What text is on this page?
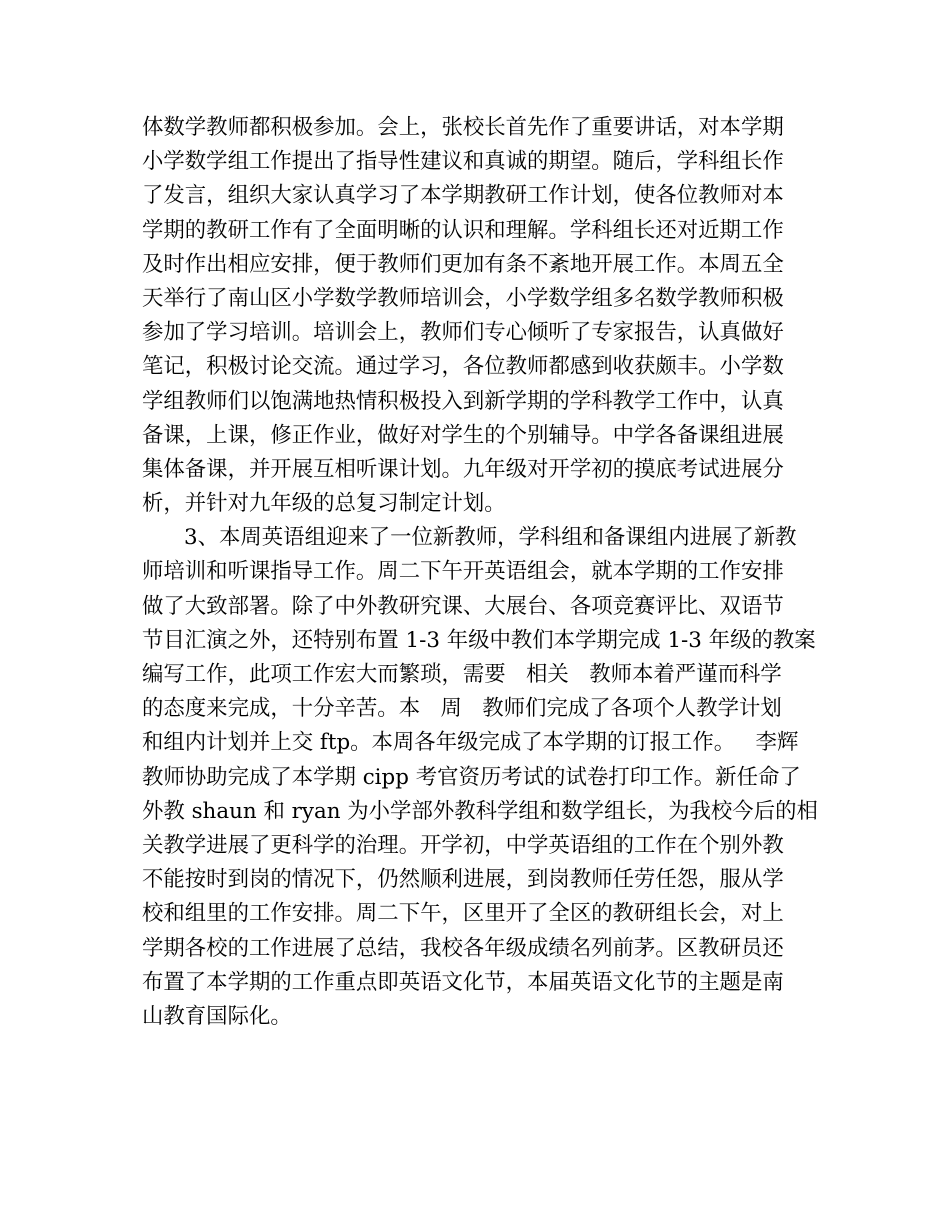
体数学教师都积极参加。会上，张校长首先作了重要讲话，对本学期
小学数学组工作提出了指导性建议和真诚的期望。随后，学科组长作
了发言，组织大家认真学习了本学期教研工作计划，使各位教师对本
学期的教研工作有了全面明晰的认识和理解。学科组长还对近期工作
及时作出相应安排，便于教师们更加有条不紊地开展工作。本周五全
天举行了南山区小学数学教师培训会，小学数学组多名数学教师积极
参加了学习培训。培训会上，教师们专心倾听了专家报告，认真做好
笔记，积极讨论交流。通过学习，各位教师都感到收获颇丰。小学数
学组教师们以饱满地热情积极投入到新学期的学科教学工作中，认真
备课，上课，修正作业，做好对学生的个别辅导。中学各备课组进展
集体备课，并开展互相听课计划。九年级对开学初的摸底考试进展分
析，并针对九年级的总复习制定计划。
3、本周英语组迎来了一位新教师，学科组和备课组内进展了新教
师培训和听课指导工作。周二下午开英语组会，就本学期的工作安排
做了大致部署。除了中外教研究课、大展台、各项竞赛评比、双语节
节目汇演之外，还特别布置 1-3 年级中教们本学期完成 1-3 年级的教案
编写工作，此项工作宏大而繁琐，需要   相关   教师本着严谨而科学
的态度来完成，十分辛苦。本   周   教师们完成了各项个人教学计划
和组内计划并上交 ftp。本周各年级完成了本学期的订报工作。   李辉
教师协助完成了本学期 cipp 考官资历考试的试卷打印工作。新任命了
外教 shaun 和 ryan 为小学部外教科学组和数学组长，为我校今后的相
关教学进展了更科学的治理。开学初，中学英语组的工作在个别外教
不能按时到岗的情况下，仍然顺利进展，到岗教师任劳任怨，服从学
校和组里的工作安排。周二下午，区里开了全区的教研组长会，对上
学期各校的工作进展了总结，我校各年级成绩名列前茅。区教研员还
布置了本学期的工作重点即英语文化节，本届英语文化节的主题是南
山教育国际化。
